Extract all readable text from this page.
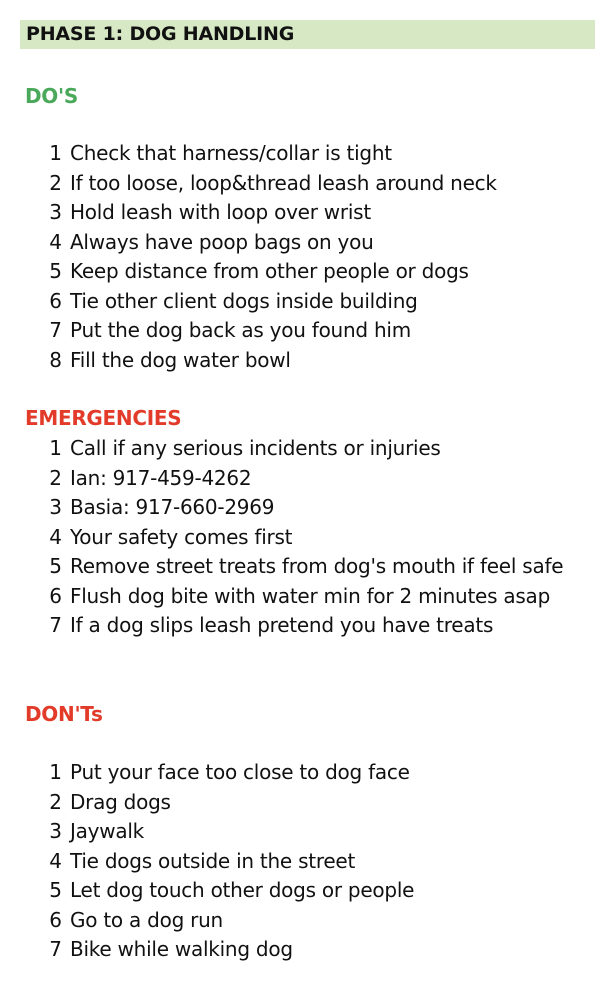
PHASE 1: DOG HANDLING
DO'S
1 Check that harness/collar is tight
2 If too loose, loop&thread leash around neck
3 Hold leash with loop over wrist
4 Always have poop bags on you
5 Keep distance from other people or dogs
6 Tie other client dogs inside building
7 Put the dog back as you found him
8 Fill the dog water bowl
EMERGENCIES
1 Call if any serious incidents or injuries
2 Ian: 917-459-4262
3 Basia: 917-660-2969
4 Your safety comes first
5 Remove street treats from dog's mouth if feel safe
6 Flush dog bite with water min for 2 minutes asap
7 If a dog slips leash pretend you have treats
DON'Ts
1 Put your face too close to dog face
2 Drag dogs
3 Jaywalk
4 Tie dogs outside in the street
5 Let dog touch other dogs or people
6 Go to a dog run
7 Bike while walking dog
